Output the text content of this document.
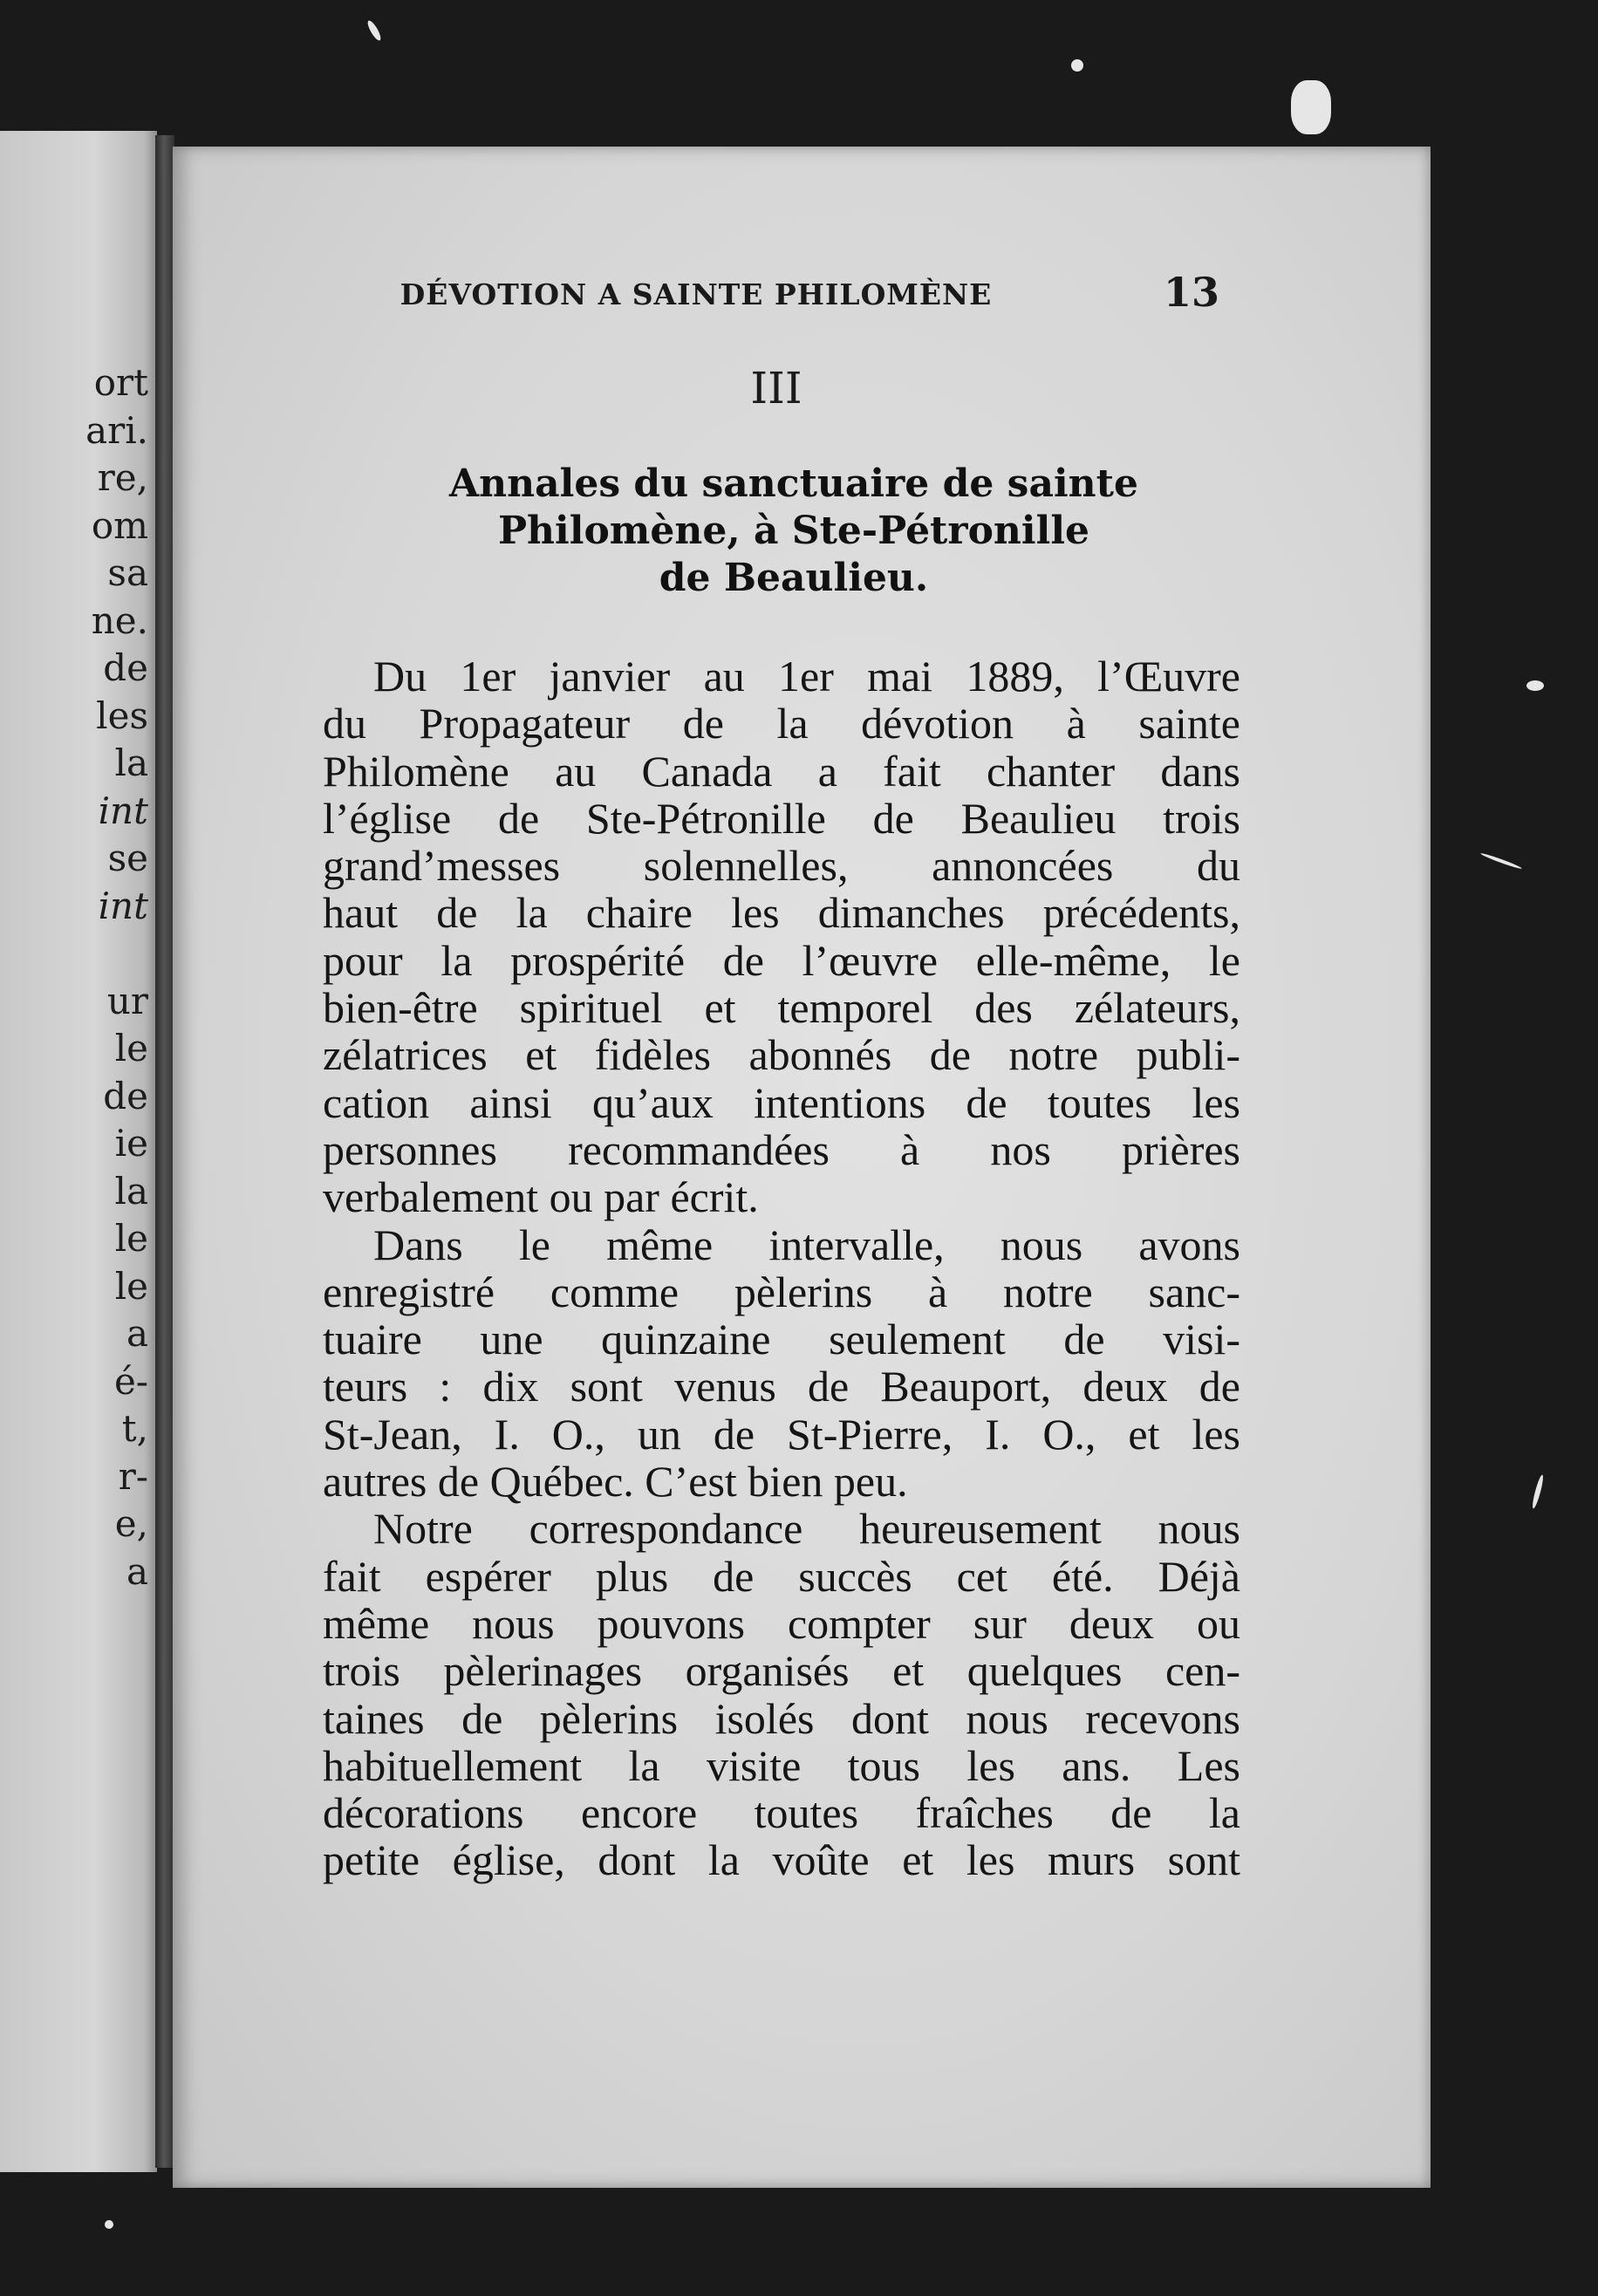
ort
ari.
re,
om
sa
ne.
de
les
la
int
se
int
ur
le
de
ie
la
le
le
a
é-
t,
r-
e,
a
DÉVOTION A SAINTE PHILOMÈNE	13
III
Annales du sanctuaire de sainte
Philomène, à Ste-Pétronille
de Beaulieu.
Du 1er janvier au 1er mai 1889, l’Œuvre
du Propagateur de la dévotion à sainte
Philomène au Canada a fait chanter dans
l’église de Ste-Pétronille de Beaulieu trois
grand’messes solennelles, annoncées du
haut de la chaire les dimanches précédents,
pour la prospérité de l’œuvre elle-même, le
bien-être spirituel et temporel des zélateurs,
zélatrices et fidèles abonnés de notre publi-
cation ainsi qu’aux intentions de toutes les
personnes recommandées à nos prières
verbalement ou par écrit.
Dans le même intervalle, nous avons
enregistré comme pèlerins à notre sanc-
tuaire une quinzaine seulement de visi-
teurs : dix sont venus de Beauport, deux de
St-Jean, I. O., un de St-Pierre, I. O., et les
autres de Québec. C’est bien peu.
Notre correspondance heureusement nous
fait espérer plus de succès cet été. Déjà
même nous pouvons compter sur deux ou
trois pèlerinages organisés et quelques cen-
taines de pèlerins isolés dont nous recevons
habituellement la visite tous les ans. Les
décorations encore toutes fraîches de la
petite église, dont la voûte et les murs sont
